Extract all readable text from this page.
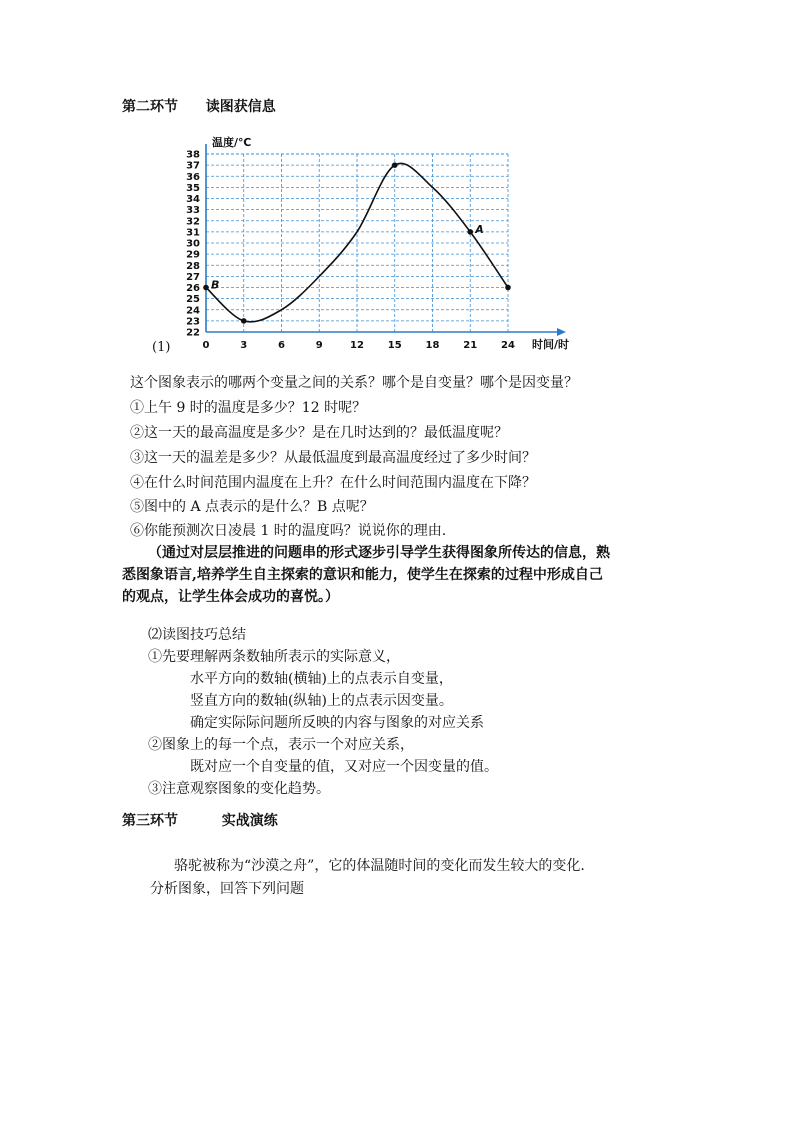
第二环节 读图获信息
22
23
24
25
26
27
28
29
30
31
32
33
34
35
36
37
38
0	3	6	9	12 15 18 21 24 时间/时
温度/℃
B
A
(1)
这个图象表示的哪两个变量之间的关系？哪个是自变量？哪个是因变量？
①上午 9 时的温度是多少？12 时呢？
②这一天的最高温度是多少？是在几时达到的？最低温度呢？
③这一天的温差是多少？从最低温度到最高温度经过了多少时间？
④在什么时间范围内温度在上升？在什么时间范围内温度在下降？
⑤图中的 A 点表示的是什么？B 点呢？
⑥你能预测次日凌晨 1 时的温度吗？说说你的理由.
（通过对层层推进的问题串的形式逐步引导学生获得图象所传达的信息，熟
悉图象语言,培养学生自主探索的意识和能力，使学生在探索的过程中形成自己
的观点，让学生体会成功的喜悦。）
⑵读图技巧总结
①先要理解两条数轴所表示的实际意义，
水平方向的数轴(横轴)上的点表示自变量，
竖直方向的数轴(纵轴)上的点表示因变量。
确定实际际问题所反映的内容与图象的对应关系
②图象上的每一个点，表示一个对应关系，
既对应一个自变量的值，又对应一个因变量的值。
③注意观察图象的变化趋势。
第三环节	实战演练
骆驼被称为“沙漠之舟”，它的体温随时间的变化而发生较大的变化.
分析图象，回答下列问题
